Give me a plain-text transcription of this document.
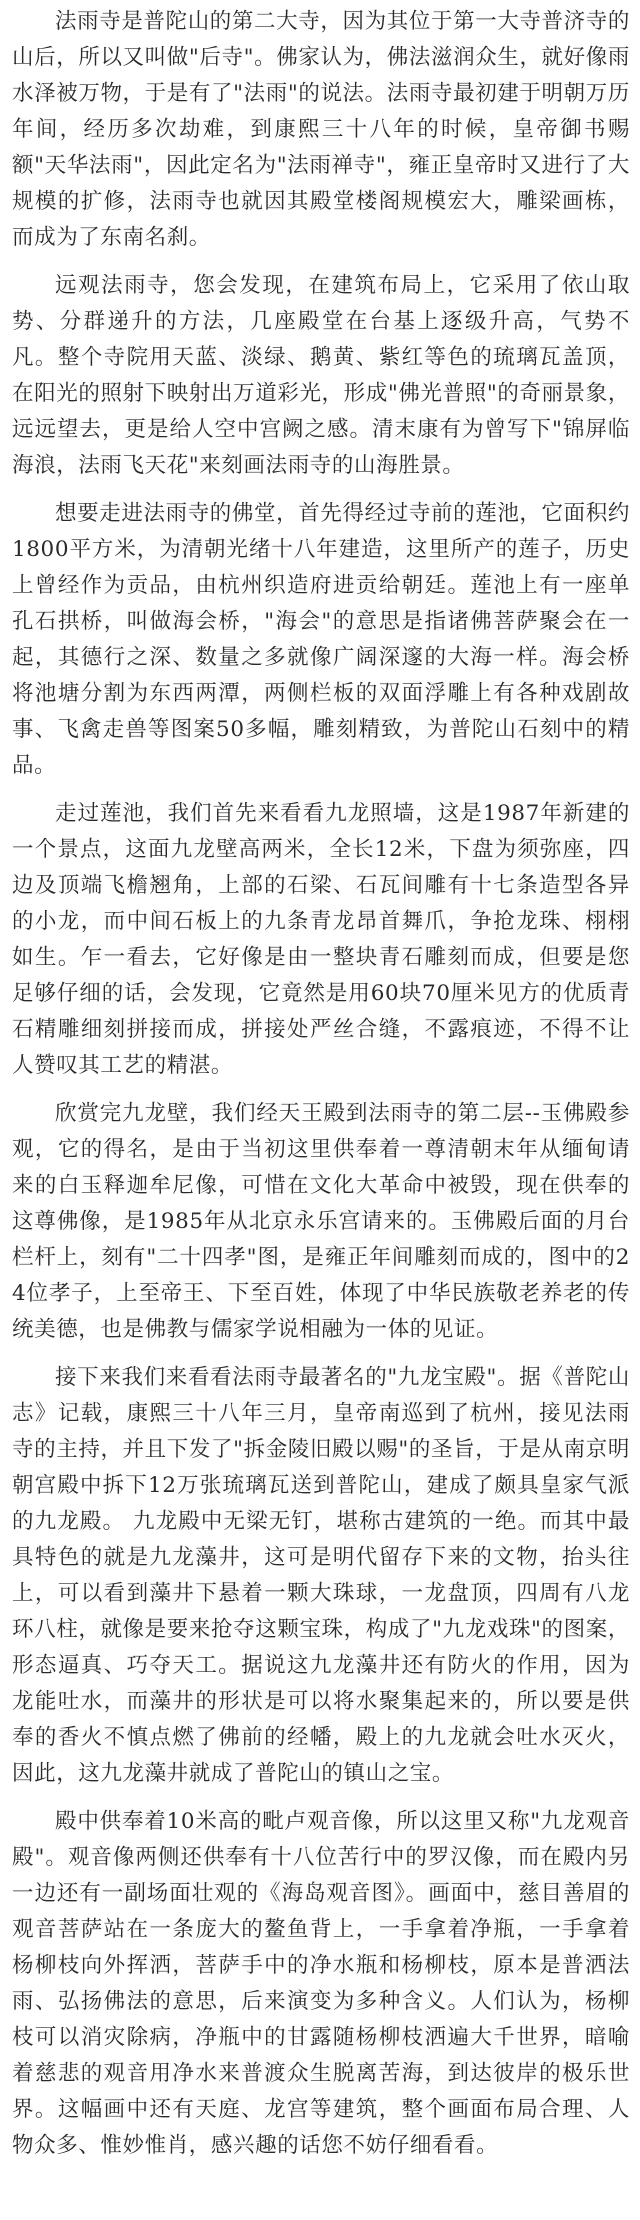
法雨寺是普陀山的第二大寺，因为其位于第一大寺普济寺的山后，所以又叫做"后寺"。佛家认为，佛法滋润众生，就好像雨水泽被万物，于是有了"法雨"的说法。法雨寺最初建于明朝万历年间，经历多次劫难，到康熙三十八年的时候，皇帝御书赐额"天华法雨"，因此定名为"法雨禅寺"，雍正皇帝时又进行了大规模的扩修，法雨寺也就因其殿堂楼阁规模宏大，雕梁画栋，而成为了东南名刹。

远观法雨寺，您会发现，在建筑布局上，它采用了依山取势、分群递升的方法，几座殿堂在台基上逐级升高，气势不凡。整个寺院用天蓝、淡绿、鹅黄、紫红等色的琉璃瓦盖顶，在阳光的照射下映射出万道彩光，形成"佛光普照"的奇丽景象，远远望去，更是给人空中宫阙之感。清末康有为曾写下"锦屏临海浪，法雨飞天花"来刻画法雨寺的山海胜景。

想要走进法雨寺的佛堂，首先得经过寺前的莲池，它面积约1800平方米，为清朝光绪十八年建造，这里所产的莲子，历史上曾经作为贡品，由杭州织造府进贡给朝廷。莲池上有一座单孔石拱桥，叫做海会桥，"海会"的意思是指诸佛菩萨聚会在一起，其德行之深、数量之多就像广阔深邃的大海一样。海会桥将池塘分割为东西两潭，两侧栏板的双面浮雕上有各种戏剧故事、飞禽走兽等图案50多幅，雕刻精致，为普陀山石刻中的精品。

走过莲池，我们首先来看看九龙照墙，这是1987年新建的一个景点，这面九龙壁高两米，全长12米，下盘为须弥座，四边及顶端飞檐翘角，上部的石梁、石瓦间雕有十七条造型各异的小龙，而中间石板上的九条青龙昂首舞爪，争抢龙珠、栩栩如生。乍一看去，它好像是由一整块青石雕刻而成，但要是您足够仔细的话，会发现，它竟然是用60块70厘米见方的优质青石精雕细刻拼接而成，拼接处严丝合缝，不露痕迹，不得不让人赞叹其工艺的精湛。

欣赏完九龙壁，我们经天王殿到法雨寺的第二层--玉佛殿参观，它的得名，是由于当初这里供奉着一尊清朝末年从缅甸请来的白玉释迦牟尼像，可惜在文化大革命中被毁，现在供奉的这尊佛像，是1985年从北京永乐宫请来的。玉佛殿后面的月台栏杆上，刻有"二十四孝"图，是雍正年间雕刻而成的，图中的24位孝子，上至帝王、下至百姓，体现了中华民族敬老养老的传统美德，也是佛教与儒家学说相融为一体的见证。

接下来我们来看看法雨寺最著名的"九龙宝殿"。据《普陀山志》记载，康熙三十八年三月，皇帝南巡到了杭州，接见法雨寺的主持，并且下发了"拆金陵旧殿以赐"的圣旨，于是从南京明朝宫殿中拆下12万张琉璃瓦送到普陀山，建成了颇具皇家气派的九龙殿。 九龙殿中无梁无钉，堪称古建筑的一绝。而其中最具特色的就是九龙藻井，这可是明代留存下来的文物，抬头往上，可以看到藻井下悬着一颗大珠球，一龙盘顶，四周有八龙环八柱，就像是要来抢夺这颗宝珠，构成了"九龙戏珠"的图案，形态逼真、巧夺天工。据说这九龙藻井还有防火的作用，因为龙能吐水，而藻井的形状是可以将水聚集起来的，所以要是供奉的香火不慎点燃了佛前的经幡，殿上的九龙就会吐水灭火，因此，这九龙藻井就成了普陀山的镇山之宝。

殿中供奉着10米高的毗卢观音像，所以这里又称"九龙观音殿"。观音像两侧还供奉有十八位苦行中的罗汉像，而在殿内另一边还有一副场面壮观的《海岛观音图》。画面中，慈目善眉的观音菩萨站在一条庞大的鳌鱼背上，一手拿着净瓶，一手拿着杨柳枝向外挥洒，菩萨手中的净水瓶和杨柳枝，原本是普洒法雨、弘扬佛法的意思，后来演变为多种含义。人们认为，杨柳枝可以消灾除病，净瓶中的甘露随杨柳枝洒遍大千世界，暗喻着慈悲的观音用净水来普渡众生脱离苦海，到达彼岸的极乐世界。这幅画中还有天庭、龙宫等建筑，整个画面布局合理、人物众多、惟妙惟肖，感兴趣的话您不妨仔细看看。
